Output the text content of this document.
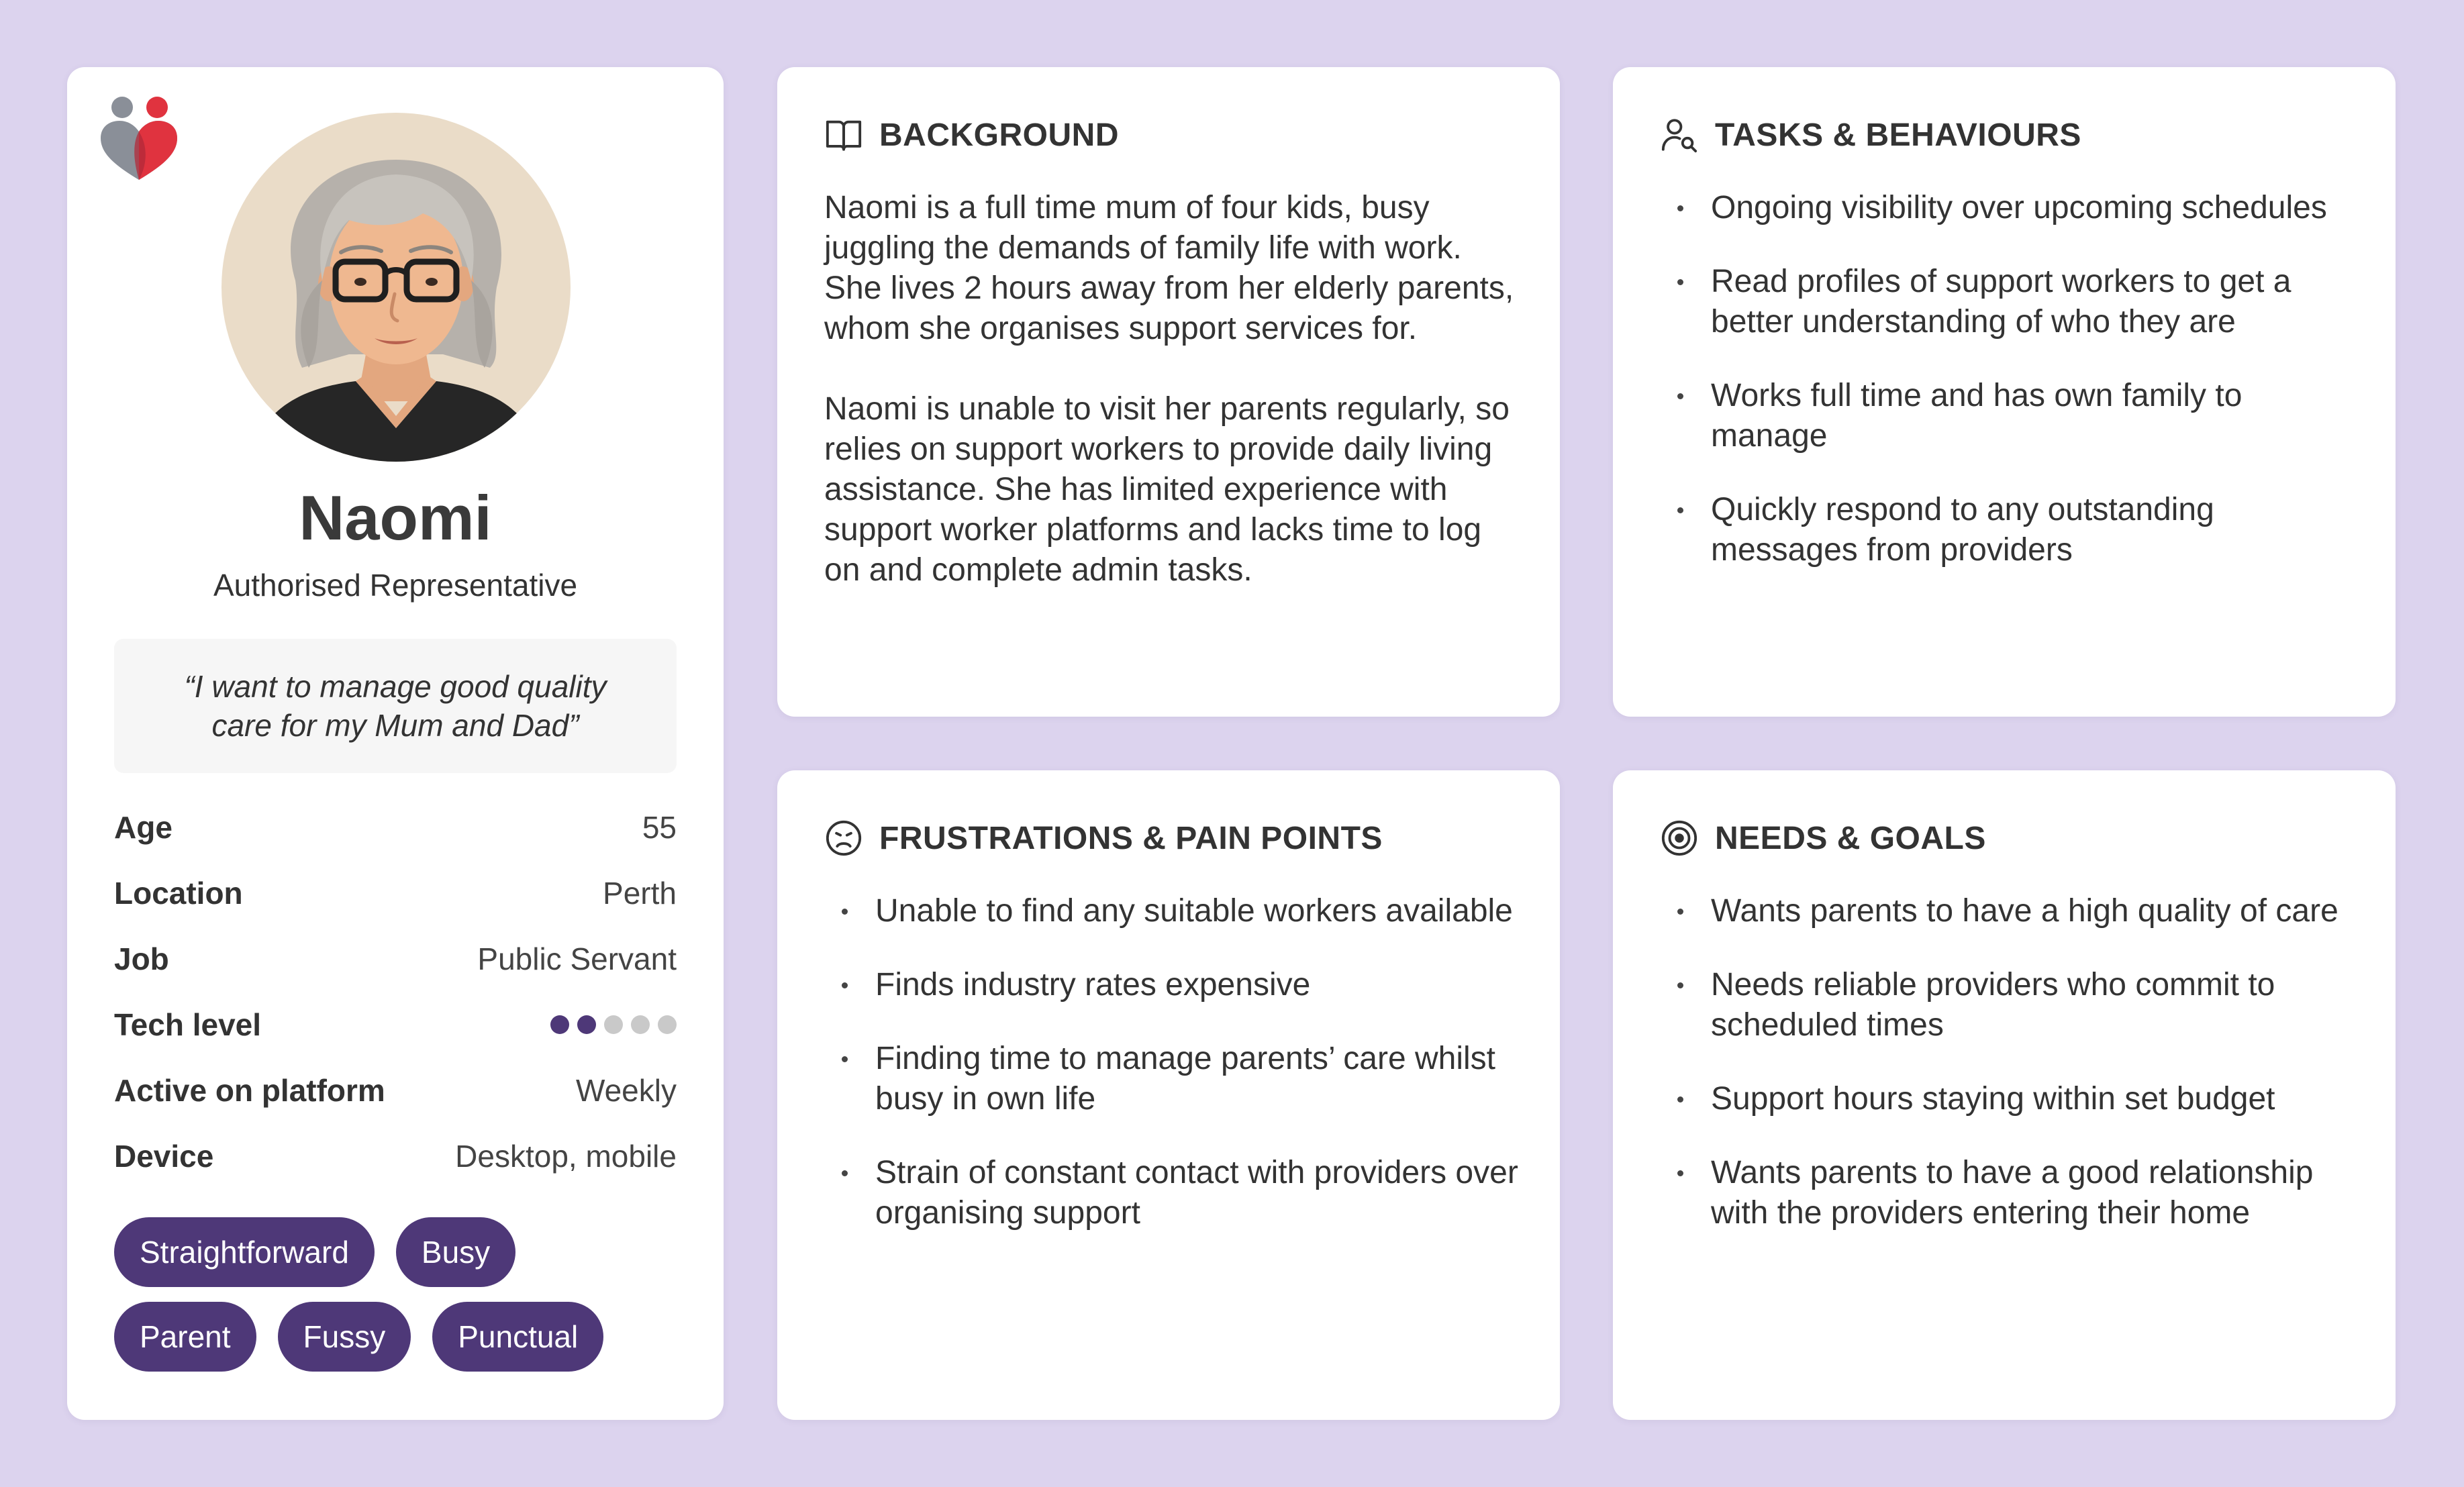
Naomi
Authorised Representative
“I want to manage good quality care for my Mum and Dad”
Age	55
Location	Perth
Job	Public Servant
Tech level
Active on platform	Weekly
Device	Desktop, mobile
Straightforward	Busy
Parent	Fussy	Punctual
BACKGROUND

Naomi is a full time mum of four kids, busy juggling the demands of family life with work. She lives 2 hours away from her elderly parents, whom she organises support services for.

Naomi is unable to visit her parents regularly, so relies on support workers to provide daily living assistance. She has limited experience with support worker platforms and lacks time to log on and complete admin tasks.

TASKS & BEHAVIOURS
Ongoing visibility over upcoming schedules
Read profiles of support workers to get a better understanding of who they are
Works full time and has own family to manage
Quickly respond to any outstanding messages from providers
FRUSTRATIONS & PAIN POINTS
Unable to find any suitable workers available
Finds industry rates expensive
Finding time to manage parents’ care whilst busy in own life
Strain of constant contact with providers over organising support
NEEDS & GOALS
Wants parents to have a high quality of care
Needs reliable providers who commit to scheduled times
Support hours staying within set budget
Wants parents to have a good relationship with the providers entering their home
